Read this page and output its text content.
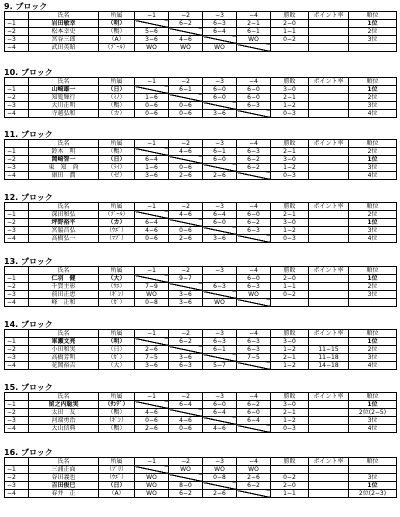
9. ブロック
	氏名	所属	−1	−2	−3	−4	勝敗	ポイント率	順位
−1	岩田敏幸	（明）		6−2	6−3	2−1	2−0		1位
−2	松本幸史	（鴨）	5−6		6−4	6−1	1−1		2位
−3	宮谷三郎	（A）	3−6	4−6		WO	0−2		3位
−4	武田英昭	（ﾌﾞｰﾙ）	WO	WO	WO				
10. ブロック
	氏名	所属	−1	−2	−3	−4	勝敗	ポイント率	順位
−1	山崎雄一	（日）		6−1	6−0	6−0	3−0		1位
−2	知覧輝行	（ﾐﾉ）	1−6		6−0	6−0	2−1		2位
−3	大川正明	（鴨）	0−6	0−6		6−3	1−2		3位
−4	寺越弘和	（カ）	0−6	0−6	3−6		0−3		4位
11. ブロック
	氏名	所属	−1	−2	−3	−4	勝敗	ポイント率	順位
−1	鈴木　明	（鴨）		4−6	6−1	6−3	2−1		2位
−2	岡崎智一	（日）	6−4		6−0	6−2	3−0		1位
−3	東　知　尚	（ﾗｲ）	1−6	0−6		6−2	1−2		3位
−4	康田　潤	（ゼ）	3−6	2−6	2−6		0−3		4位
12. ブロック
	氏名	所属	−1	−2	−3	−4	勝敗	ポイント率	順位
−1	深田和弘	（ﾌﾞｰﾙ）		4−6	6−4	6−0	2−1		2位
−2	坪野裕平	（カ）	6−4		6−0	6−2	3−0		1位
−3	宮脇昌弘	（ｳｴﾞ）	4−6	0−6		6−3	1−2		3位
−4	高橋弘一	（ﾏﾌﾞ）	0−6	2−6	3−6		0−3		4位
13. ブロック
	氏名	所属	−1	−2	−3	−4	勝敗	ポイント率	順位
−1	仁羽　健	（大）		9−7		6−0	2−0		1位
−2	千賀主彰	（ｳｴ）	7−9		6−3	6−3	1−1		2位
−3	前田正恵	（ｷﾞﾝ）	WO	3−6		WO	0−2		3位
−4	峰　正和	（ｶﾞ）	0−8	3−6	WO				
14. ブロック
	氏名	所属	−1	−2	−3	−4	勝敗	ポイント率	順位
−1	軍瀬文亮	（明）		6−2	6−3	6−3	3−0		1位
−2	小田和実	（日）	2−6		6−1	6−3	1−2	11−15	2位
−3	高橋芳明	（ｶﾞ）	7−5	3−6		7−5	2−1	11−18	3位
−4	花岡裕吉	（大）	3−6	6−3	5−7		1−2	14−18	4位
15. ブロック
	氏名	所属	−1	−2	−3	−4	勝敗	ポイント率	順位
−1	留之内聡実	（ｻﾝﾃﾞ）		6−4	6−0	6−2	3−0		1位
−2	太田　友	（鴨）	4−6		6−4	6−0	2−1		2位(2−5)
−3	河端勇治	（ｷﾞﾝ）	0−6	4−6		6−4	1−2		3位
−4	大山信典	（鴨）	2−6	0−6	4−6		0−3		4位
16. ブロック
	氏名	所属	−1	−2	−3	−4	勝敗	ポイント率	順位
−1	三浦正面	（ﾌﾟﾘ）		WO	WO	WO			
−2	谷田義也	（ｳｴﾞ）	WO		0−8	2−6	0−2		3位
−3	吉田俊巳	（日）	WO	8−0		6−2	2−0		1位
−4	春井　正	（A）	WO	6−2	2−6		1−1		2位(2−3)
